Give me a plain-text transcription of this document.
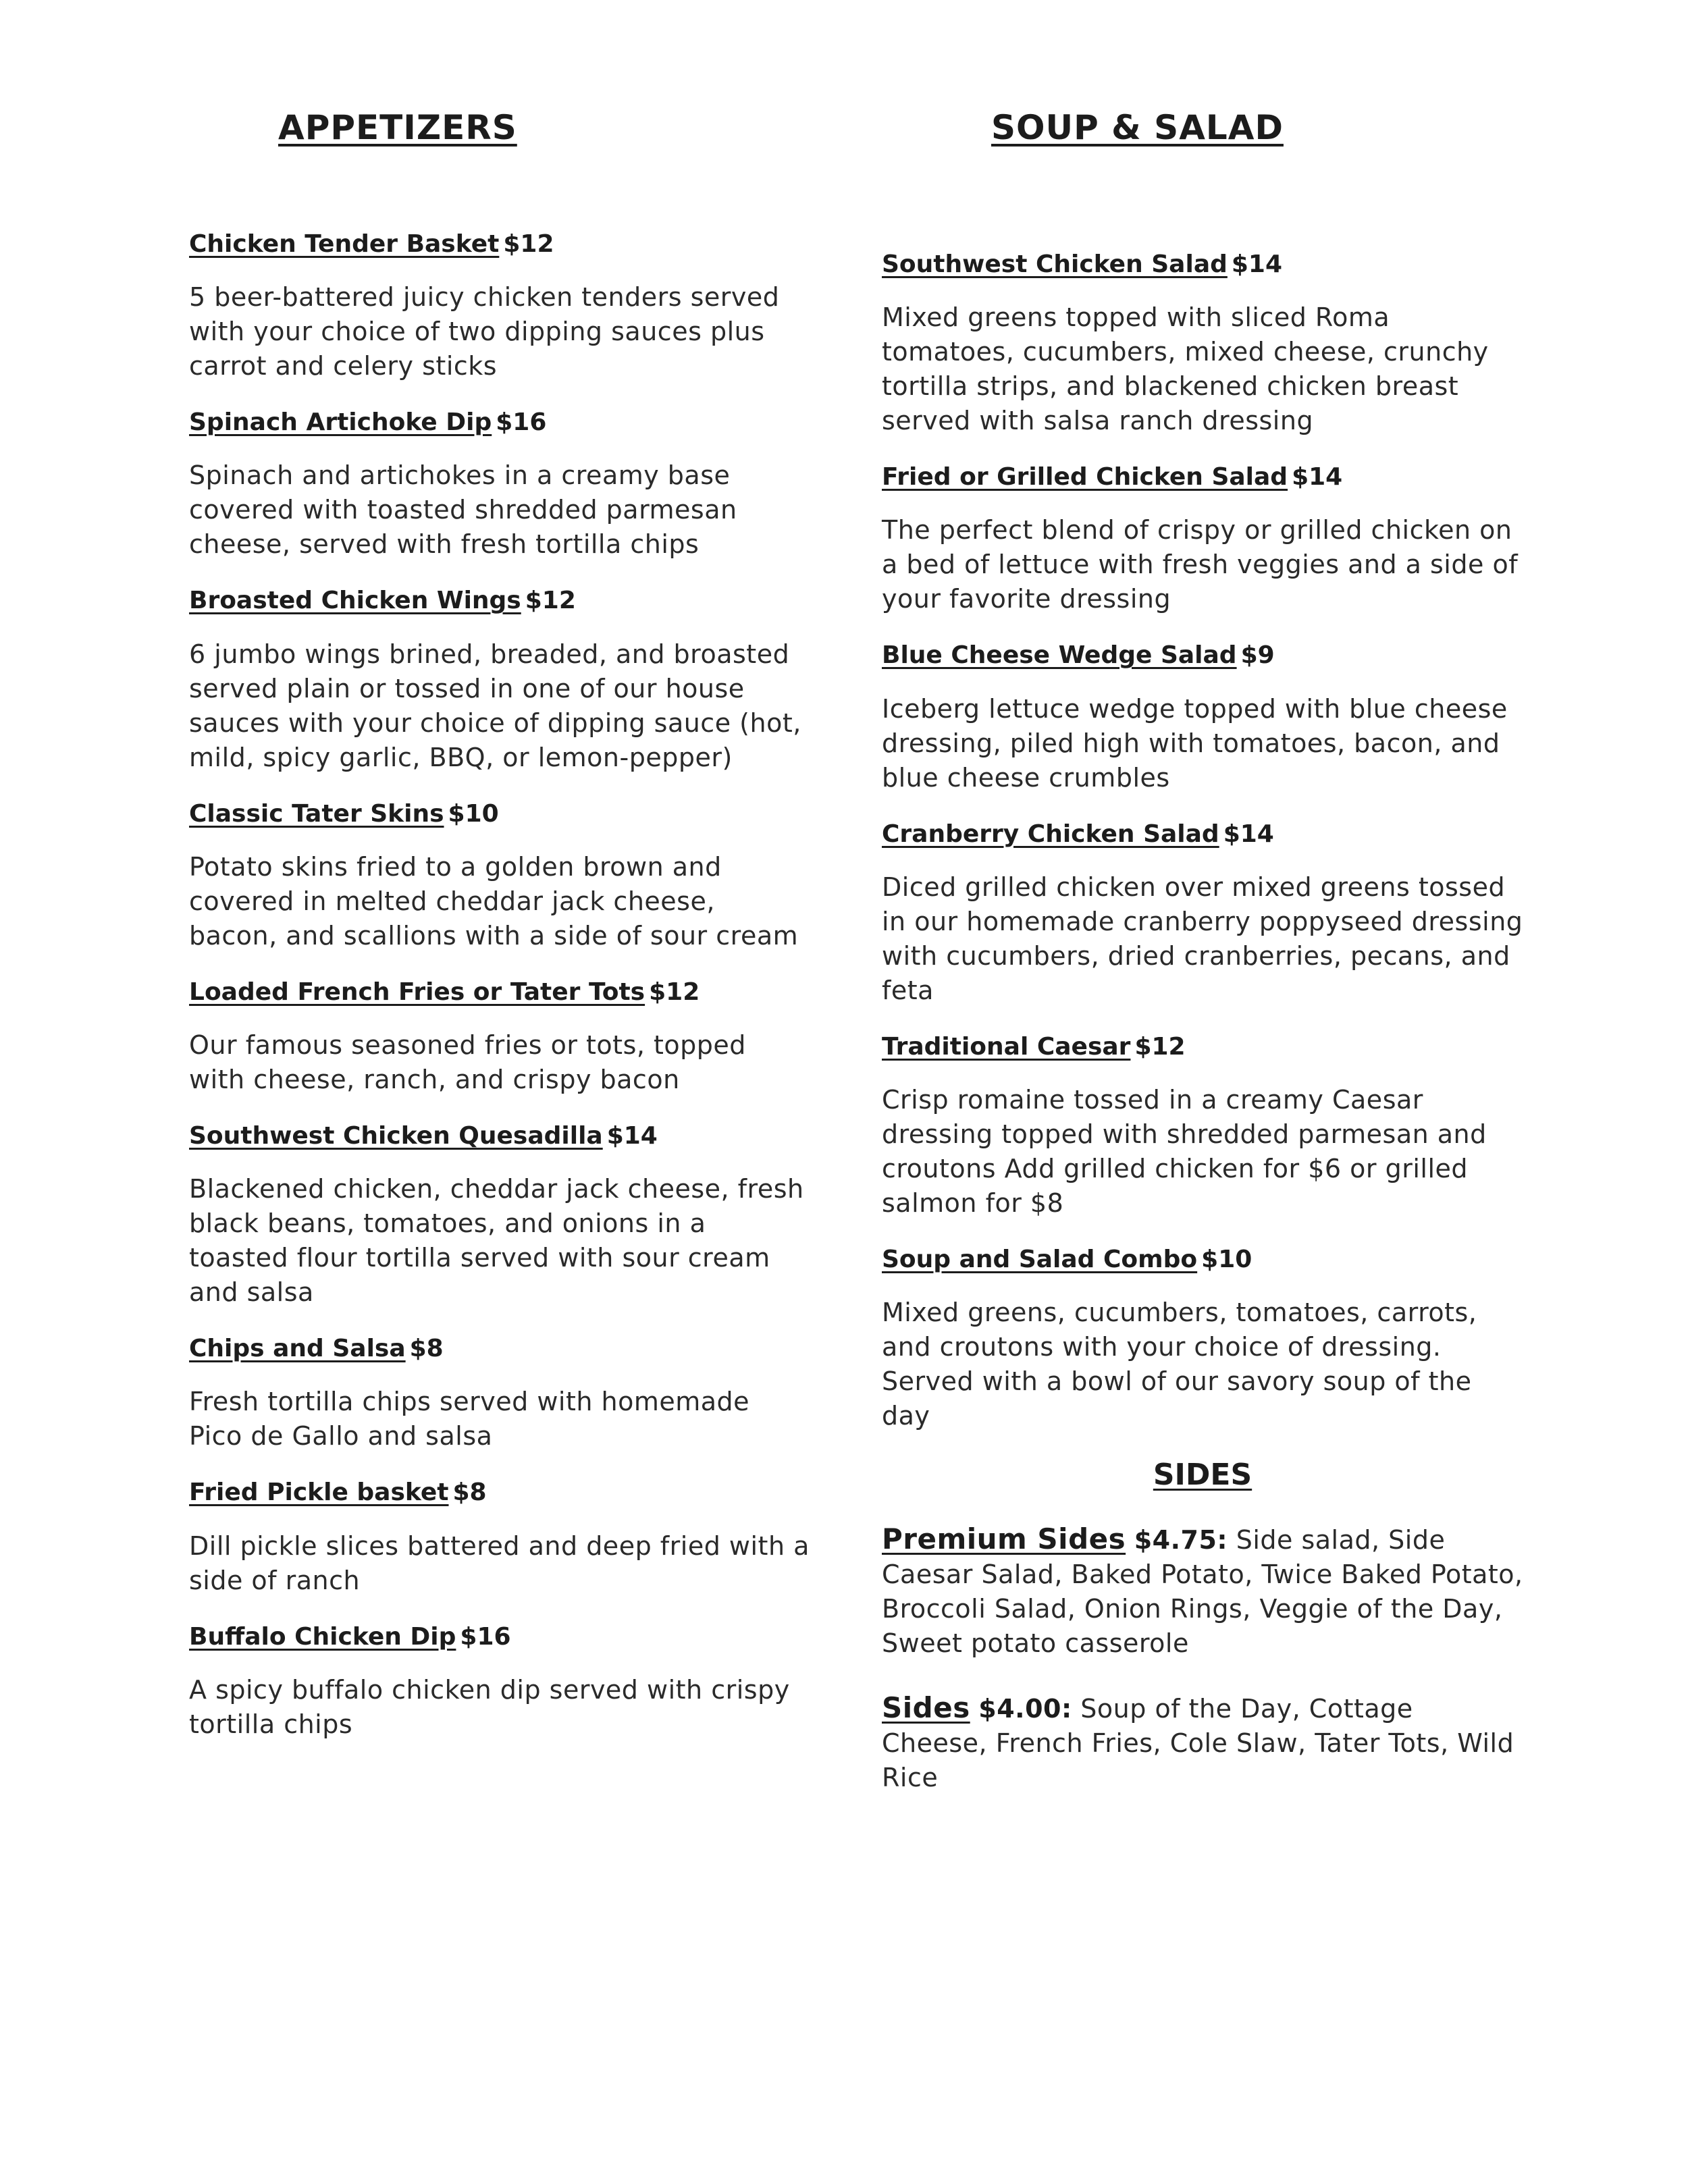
APPETIZERS	SOUP & SALAD
Chicken Tender Basket $12
5 beer-battered juicy chicken tenders served with your choice of two dipping sauces plus carrot and celery sticks
Spinach Artichoke Dip $16
Spinach and artichokes in a creamy base covered with toasted shredded parmesan cheese, served with fresh tortilla chips
Broasted Chicken Wings $12
6 jumbo wings brined, breaded, and broasted served plain or tossed in one of our house sauces with your choice of dipping sauce (hot, mild, spicy garlic, BBQ, or lemon-pepper)
Classic Tater Skins $10
Potato skins fried to a golden brown and covered in melted cheddar jack cheese, bacon, and scallions with a side of sour cream
Loaded French Fries or Tater Tots $12
Our famous seasoned fries or tots, topped with cheese, ranch, and crispy bacon
Southwest Chicken Quesadilla $14
Blackened chicken, cheddar jack cheese, fresh black beans, tomatoes, and onions in a toasted flour tortilla served with sour cream and salsa
Chips and Salsa $8
Fresh tortilla chips served with homemade Pico de Gallo and salsa
Fried Pickle basket $8
Dill pickle slices battered and deep fried with a side of ranch
Buffalo Chicken Dip $16
A spicy buffalo chicken dip served with crispy tortilla chips
Southwest Chicken Salad $14
Mixed greens topped with sliced Roma tomatoes, cucumbers, mixed cheese, crunchy tortilla strips, and blackened chicken breast served with salsa ranch dressing
Fried or Grilled Chicken Salad $14
The perfect blend of crispy or grilled chicken on a bed of lettuce with fresh veggies and a side of your favorite dressing
Blue Cheese Wedge Salad $9
Iceberg lettuce wedge topped with blue cheese dressing, piled high with tomatoes, bacon, and blue cheese crumbles
Cranberry Chicken Salad $14
Diced grilled chicken over mixed greens tossed in our homemade cranberry poppyseed dressing with cucumbers, dried cranberries, pecans, and feta
Traditional Caesar $12
Crisp romaine tossed in a creamy Caesar dressing topped with shredded parmesan and croutons Add grilled chicken for $6 or grilled salmon for $8
Soup and Salad Combo $10
Mixed greens, cucumbers, tomatoes, carrots, and croutons with your choice of dressing. Served with a bowl of our savory soup of the day
SIDES
Premium Sides $4.75: Side salad, Side Caesar Salad, Baked Potato, Twice Baked Potato, Broccoli Salad, Onion Rings, Veggie of the Day, Sweet potato casserole
Sides $4.00: Soup of the Day, Cottage Cheese, French Fries, Cole Slaw, Tater Tots, Wild Rice
